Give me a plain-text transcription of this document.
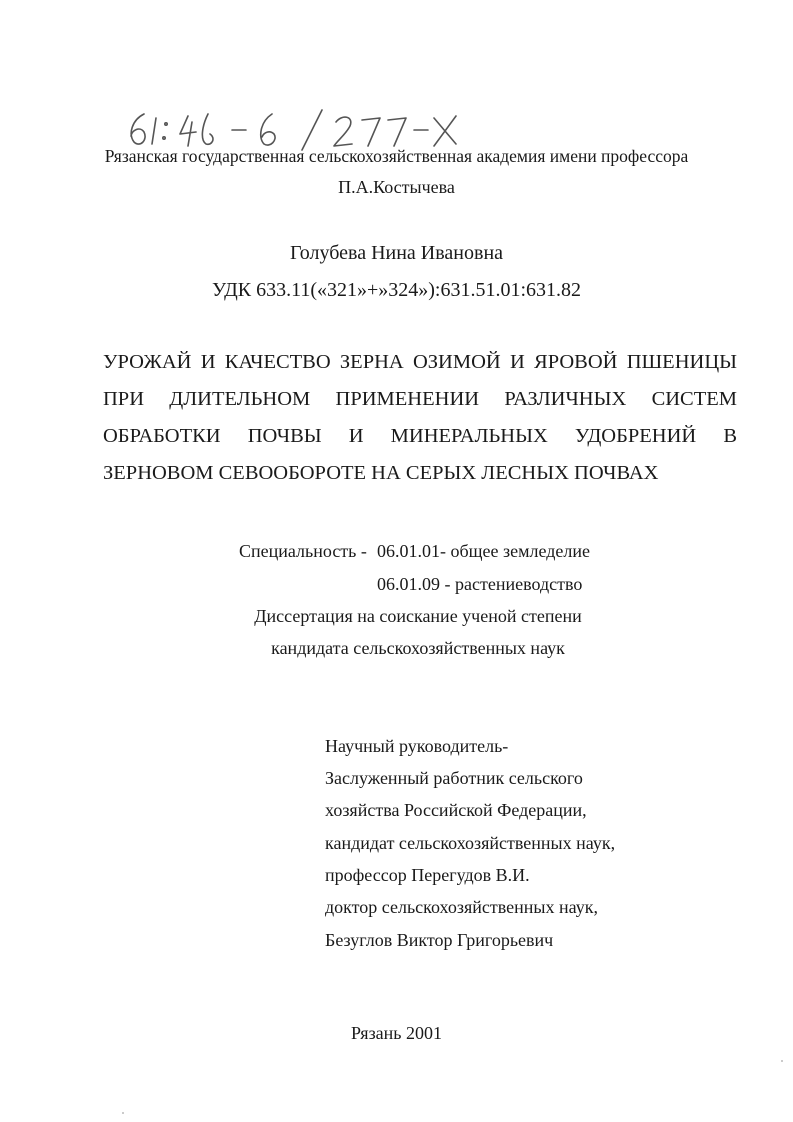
Рязанская государственная сельскохозяйственная академия имени профессора
П.А.Костычева
Голубева Нина Ивановна
УДК 633.11(«321»+»324»):631.51.01:631.82
УРОЖАЙ И КАЧЕСТВО ЗЕРНА ОЗИМОЙ И ЯРОВОЙ ПШЕНИЦЫ
ПРИ ДЛИТЕЛЬНОМ ПРИМЕНЕНИИ РАЗЛИЧНЫХ СИСТЕМ
ОБРАБОТКИ ПОЧВЫ И МИНЕРАЛЬНЫХ УДОБРЕНИЙ В
ЗЕРНОВОМ СЕВООБОРОТЕ НА СЕРЫХ ЛЕСНЫХ ПОЧВАХ
Специальность - 06.01.01- общее земледелие
06.01.09 - растениеводство
Диссертация на соискание ученой степени
кандидата сельскохозяйственных наук
Научный руководитель-
Заслуженный работник сельского
хозяйства Российской Федерации,
кандидат сельскохозяйственных наук,
профессор Перегудов В.И.
доктор сельскохозяйственных наук,
Безуглов Виктор Григорьевич
Рязань 2001
